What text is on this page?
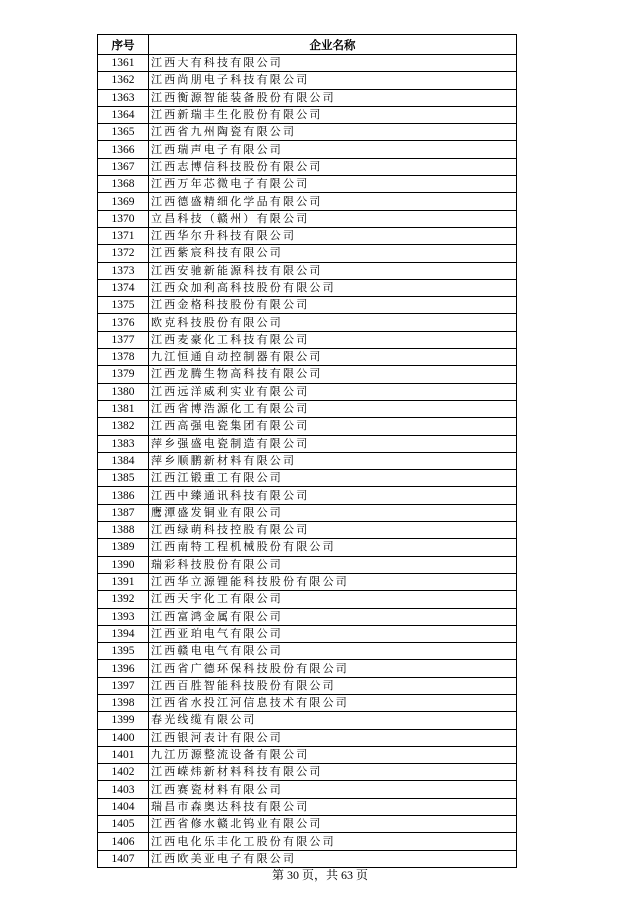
序号	企业名称
1361	江西大有科技有限公司
1362	江西尚朋电子科技有限公司
1363	江西衡源智能装备股份有限公司
1364	江西新瑞丰生化股份有限公司
1365	江西省九州陶瓷有限公司
1366	江西瑞声电子有限公司
1367	江西志博信科技股份有限公司
1368	江西万年芯微电子有限公司
1369	江西德盛精细化学品有限公司
1370	立昌科技（赣州）有限公司
1371	江西华尔升科技有限公司
1372	江西紫宸科技有限公司
1373	江西安驰新能源科技有限公司
1374	江西众加利高科技股份有限公司
1375	江西金格科技股份有限公司
1376	欧克科技股份有限公司
1377	江西麦豪化工科技有限公司
1378	九江恒通自动控制器有限公司
1379	江西龙腾生物高科技有限公司
1380	江西远洋威利实业有限公司
1381	江西省博浩源化工有限公司
1382	江西高强电瓷集团有限公司
1383	萍乡强盛电瓷制造有限公司
1384	萍乡顺鹏新材料有限公司
1385	江西江锻重工有限公司
1386	江西中臻通讯科技有限公司
1387	鹰潭盛发铜业有限公司
1388	江西绿萌科技控股有限公司
1389	江西南特工程机械股份有限公司
1390	瑞彩科技股份有限公司
1391	江西华立源锂能科技股份有限公司
1392	江西天宇化工有限公司
1393	江西富鸿金属有限公司
1394	江西亚珀电气有限公司
1395	江西赣电电气有限公司
1396	江西省广德环保科技股份有限公司
1397	江西百胜智能科技股份有限公司
1398	江西省水投江河信息技术有限公司
1399	春光线缆有限公司
1400	江西银河表计有限公司
1401	九江历源整流设备有限公司
1402	江西嵘炜新材料科技有限公司
1403	江西赛瓷材料有限公司
1404	瑞昌市森奥达科技有限公司
1405	江西省修水赣北钨业有限公司
1406	江西电化乐丰化工股份有限公司
1407	江西欧美亚电子有限公司
第 30 页，共 63 页
